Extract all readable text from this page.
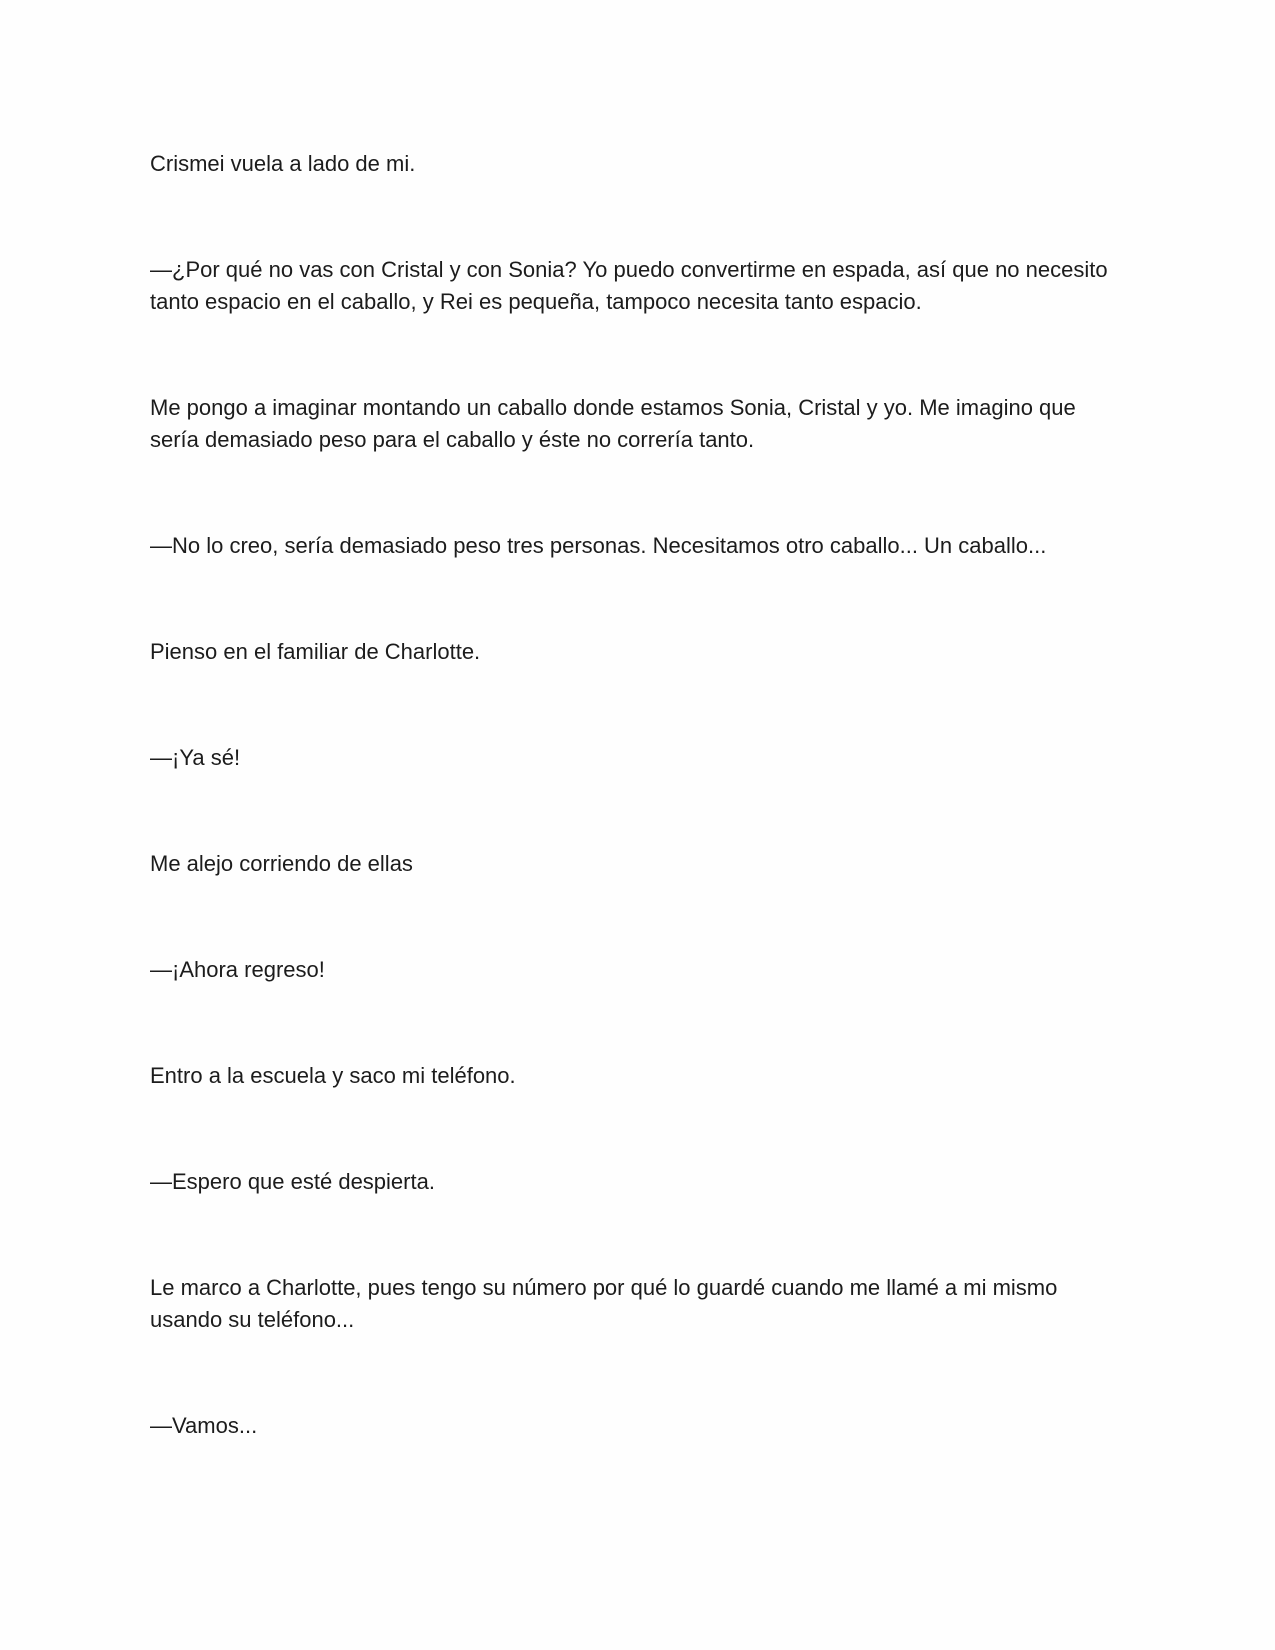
Crismei vuela a lado de mi.

—¿Por qué no vas con Cristal y con Sonia? Yo puedo convertirme en espada, así que no necesito tanto espacio en el caballo, y Rei es pequeña, tampoco necesita tanto espacio.

Me pongo a imaginar montando un caballo donde estamos Sonia, Cristal y yo. Me imagino que sería demasiado peso para el caballo y éste no correría tanto.

—No lo creo, sería demasiado peso tres personas. Necesitamos otro caballo... Un caballo...

Pienso en el familiar de Charlotte.

—¡Ya sé!

Me alejo corriendo de ellas

—¡Ahora regreso!

Entro a la escuela y saco mi teléfono.

—Espero que esté despierta.

Le marco a Charlotte, pues tengo su número por qué lo guardé cuando me llamé a mi mismo usando su teléfono...

—Vamos...
